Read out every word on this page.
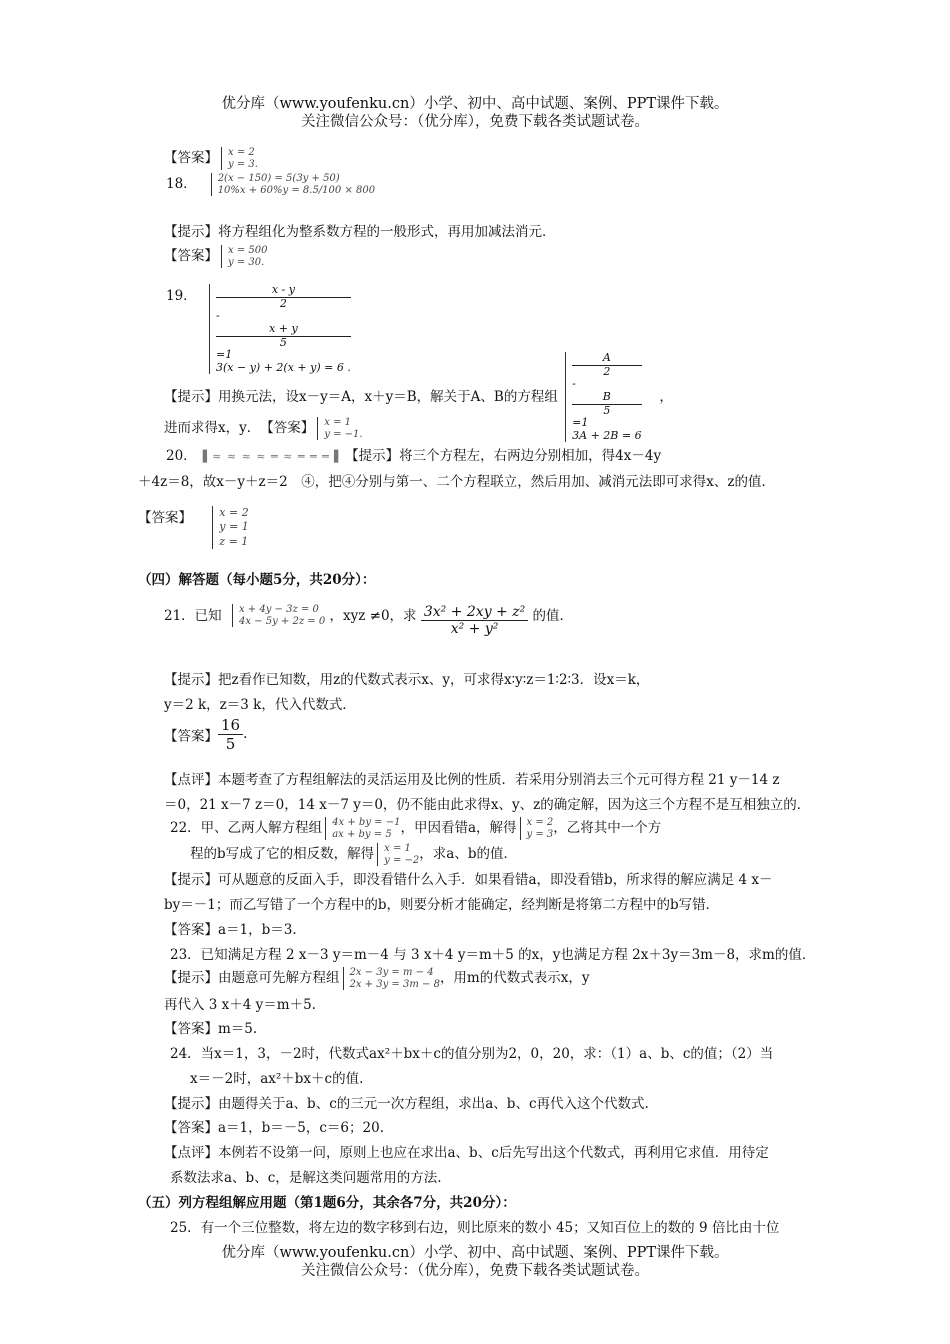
优分库（www.youfenku.cn）小学、初中、高中试题、案例、PPT课件下载。
关注微信公众号：（优分库），免费下载各类试题试卷。
【答案】 x = 2
y = 3.
18． 2(x − 150) = 5(3y + 50)
10%x + 60%y = 8.5/100 × 800
【提示】将方程组化为整系数方程的一般形式，再用加减法消元．
【答案】 x = 500
y = 30.
19．	x - y
2
-
x + y
5
=1
3(x − y) + 2(x + y) = 6 .
【提示】用换元法，设x－y＝A，x＋y＝B，解关于A、B的方程组
A
2
-
B
5
=1
3A + 2B = 6
　，
进而求得x，y．　 【答案】 x = 1
y = −1.
20． ▌≈ ≈ ≈ ≈ ═ ≈ ═ ═ ═▐ 【提示】将三个方程左，右两边分别相加，得4x－4y
＋4z＝8，故x－y＋z＝2　④，把④分别与第一、二个方程联立，然后用加、减消元法即可求得x、z的值．
【答案】 x = 2
y = 1
z = 1
（四）解答题（每小题5分，共20分）：
21．已知 x + 4y − 3z = 0
4x − 5y + 2z = 0 ，xyz ≠0，求 $\frac{\text{3x² + 2xy + z²}}{\text{x² + y²}}$ 的值．
【提示】把z看作已知数，用z的代数式表示x、y，可求得x∶y∶z＝1∶2∶3．设x＝k，
y＝2 k，z＝3 k，代入代数式．
【答案】 $\frac{16}{5}$ .
【点评】本题考查了方程组解法的灵活运用及比例的性质．若采用分别消去三个元可得方程 21 y－14 z
＝0，21 x－7 z＝0，14 x－7 y＝0，仍不能由此求得x、y、z的确定解，因为这三个方程不是互相独立的．
22．甲、乙两人解方程组 4x + by = −1
ax + by = 5 ，甲因看错a，解得 x = 2
y = 3 ，乙将其中一个方
程的b写成了它的相反数，解得 x = 1
y = −2 ，求a、b的值．
【提示】可从题意的反面入手，即没看错什么入手．如果看错a，即没看错b，所求得的解应满足 4 x－
by＝－1；而乙写错了一个方程中的b，则要分析才能确定，经判断是将第二方程中的b写错．
【答案】a＝1，b＝3.
23．已知满足方程 2 x－3 y＝m－4 与 3 x＋4 y＝m＋5 的x，y也满足方程 2x＋3y＝3m－8，求m的值．
【提示】由题意可先解方程组 2x − 3y = m − 4
2x + 3y = 3m − 8 ，用m的代数式表示x，y
再代入 3 x＋4 y＝m＋5.
【答案】m＝5.
24．当x＝1，3，－2时，代数式ax²＋bx＋c的值分别为2，0，20，求：（1）a、b、c的值；（2）当
x＝－2时，ax²＋bx＋c的值.
【提示】由题得关于a、b、c的三元一次方程组，求出a、b、c再代入这个代数式.
【答案】a＝1，b＝－5，c＝6；20.
【点评】本例若不设第一问，原则上也应在求出a、b、c后先写出这个代数式，再利用它求值．用待定
系数法求a、b、c，是解这类问题常用的方法.
（五）列方程组解应用题（第1题6分，其余各7分，共20分）：
25．有一个三位整数，将左边的数字移到右边，则比原来的数小 45；又知百位上的数的 9 倍比由十位
优分库（www.youfenku.cn）小学、初中、高中试题、案例、PPT课件下载。
关注微信公众号：（优分库），免费下载各类试题试卷。
